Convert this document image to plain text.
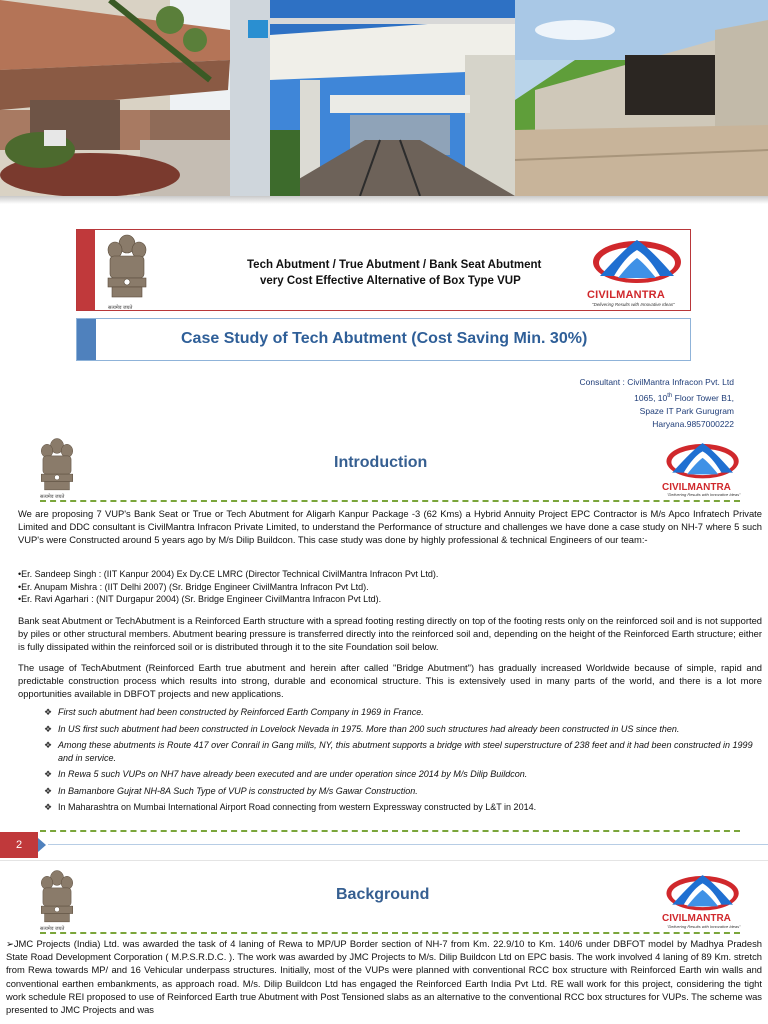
Tech Abutment / True Abutment / Bank Seat Abutment
very Cost Effective Alternative of Box Type VUP
सत्यमेव जयते
CIVILMANTRA
"Delivering Results with Innovative Ideas"
Case Study of Tech Abutment (Cost Saving Min. 30%)
Consultant : CivilMantra Infracon Pvt. Ltd
1065, 10th Floor Tower B1,
Spaze IT Park Gurugram
Haryana.9857000222
सत्यमेव जयते
Introduction
CIVILMANTRA
"Delivering Results with Innovative Ideas"
We are proposing 7 VUP's Bank Seat or True or Tech Abutment for Aligarh Kanpur Package -3 (62 Kms) a Hybrid Annuity Project EPC Contractor is M/s Apco Infratech Private Limited and DDC consultant is CivilMantra Infracon Private Limited, to understand the Performance of structure and challenges we have done a case study on NH-7 where 5 such VUP's were Constructed around 5 years ago by M/s Dilip Buildcon. This case study was done by highly professional & technical Engineers of our team:-
•Er. Sandeep Singh : (IIT Kanpur 2004) Ex Dy.CE LMRC (Director Technical CivilMantra Infracon Pvt Ltd).
•Er. Anupam Mishra : (IIT Delhi 2007) (Sr. Bridge Engineer CivilMantra Infracon Pvt Ltd).
•Er. Ravi Agarhari : (NIT Durgapur 2004) (Sr. Bridge Engineer CivilMantra Infracon Pvt Ltd).
Bank seat Abutment or TechAbutment is a Reinforced Earth structure with a spread footing resting directly on top of the footing rests only on the reinforced soil and is not supported by piles or other structural members. Abutment bearing pressure is transferred directly into the reinforced soil and, depending on the height of the Reinforced Earth structure; either is fully dissipated within the reinforced soil or is distributed through it to the site Foundation soil below.
The usage of TechAbutment (Reinforced Earth true abutment and herein after called "Bridge Abutment") has gradually increased Worldwide because of simple, rapid and predictable construction process which results into strong, durable and economical structure. This is extensively used in many parts of the world, and there is a lot more opportunities available in DBFOT projects and new applications.
❖ First such abutment had been constructed by Reinforced Earth Company in 1969 in France.
❖ In US first such abutment had been constructed in Lovelock Nevada in 1975. More than 200 such structures had already been constructed in US since then.
❖ Among these abutments is Route 417 over Conrail in Gang mills, NY, this abutment supports a bridge with steel superstructure of 238 feet and it had been constructed in 1999 and in service.
❖ In Rewa 5 such VUPs on NH7 have already been executed and are under operation since 2014 by M/s Dilip Buildcon.
❖ In Bamanbore Gujrat NH-8A Such Type of VUP is constructed by M/s Gawar Construction.
❖ In Maharashtra on Mumbai International Airport Road connecting from western Expressway constructed by L&T in 2014.
2
सत्यमेव जयते
Background
CIVILMANTRA
"Delivering Results with Innovative Ideas"
➢JMC Projects (India) Ltd. was awarded the task of 4 laning of Rewa to MP/UP Border section of NH-7 from Km. 22.9/10 to Km. 140/6 under DBFOT model by Madhya Pradesh State Road Development Corporation ( M.P.S.R.D.C. ). The work was awarded by JMC Projects to M/s. Dilip Buildcon Ltd on EPC basis. The work involved 4 laning of 89 Km. stretch from Rewa towards MP/ and 16 Vehicular underpass structures. Initially, most of the VUPs were planned with conventional RCC box structure with Reinforced Earth win walls and conventional earthen embankments, as approach road. M/s. Dilip Buildcon Ltd has engaged the Reinforced Earth India Pvt Ltd. RE wall work for this project, considering the tight work schedule REI proposed to use of Reinforced Earth true Abutment with Post Tensioned slabs as an alternative to the conventional RCC box structures for VUPs. The scheme was presented to JMC Projects and was
